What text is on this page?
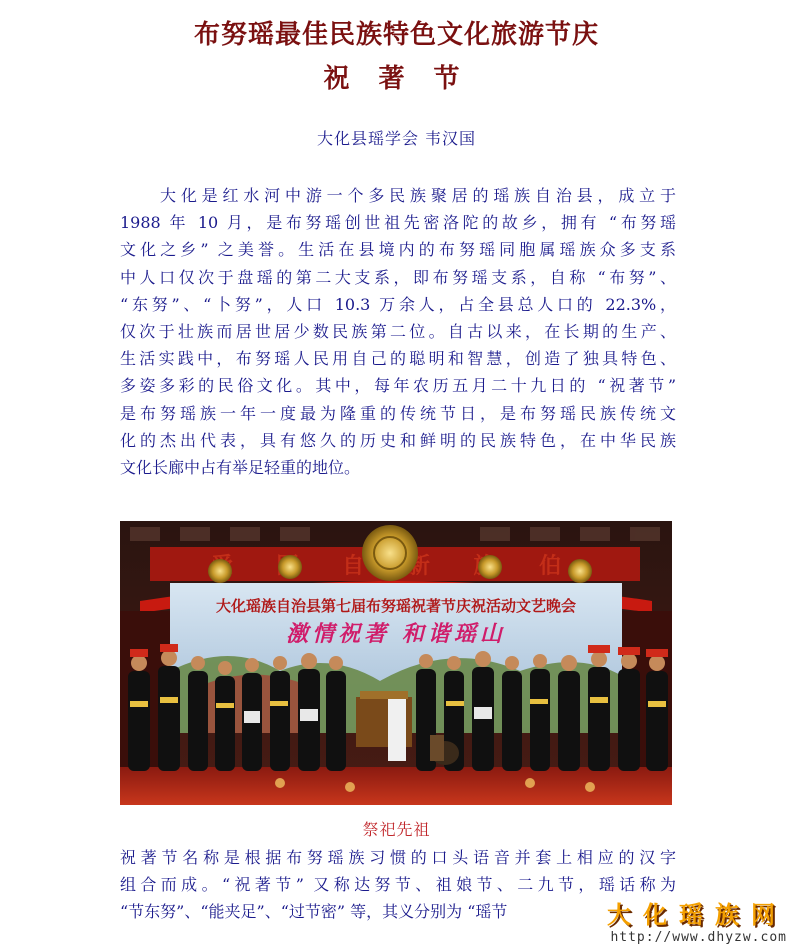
布努瑶最佳民族特色文化旅游节庆
祝 著 节
大化县瑶学会 韦汉国
大化是红水河中游一个多民族聚居的瑶族自治县，成立于
1988 年 10 月，是布努瑶创世祖先密洛陀的故乡，拥有 “布努瑶
文化之乡” 之美誉。生活在县境内的布努瑶同胞属瑶族众多支系
中人口仅次于盘瑶的第二大支系，即布努瑶支系，自称 “布努”、
“东努”、“卜努”，人口 10.3 万余人，占全县总人口的 22.3%，
仅次于壮族而居世居少数民族第二位。自古以来，在长期的生产、
生活实践中，布努瑶人民用自己的聪明和智慧，创造了独具特色、
多姿多彩的民俗文化。其中，每年农历五月二十九日的 “祝著节”
是布努瑶族一年一度最为隆重的传统节日，是布努瑶民族传统文
化的杰出代表，具有悠久的历史和鲜明的民族特色，在中华民族
文化长廊中占有举足轻重的地位。
自 新 伯
大化瑶族自治县第七届布努瑶祝著节庆祝活动文艺晚会
激情祝著 和谐瑶山
祭祀先祖
祝著节名称是根据布努瑶族习惯的口头语音并套上相应的汉字
组合而成。“祝著节” 又称达努节、祖娘节、二九节，瑶话称为
“节东努”、“能夹足”、“过节密” 等，其义分别为 “瑶节	大化瑶族网
http://www.dhyzw.com
